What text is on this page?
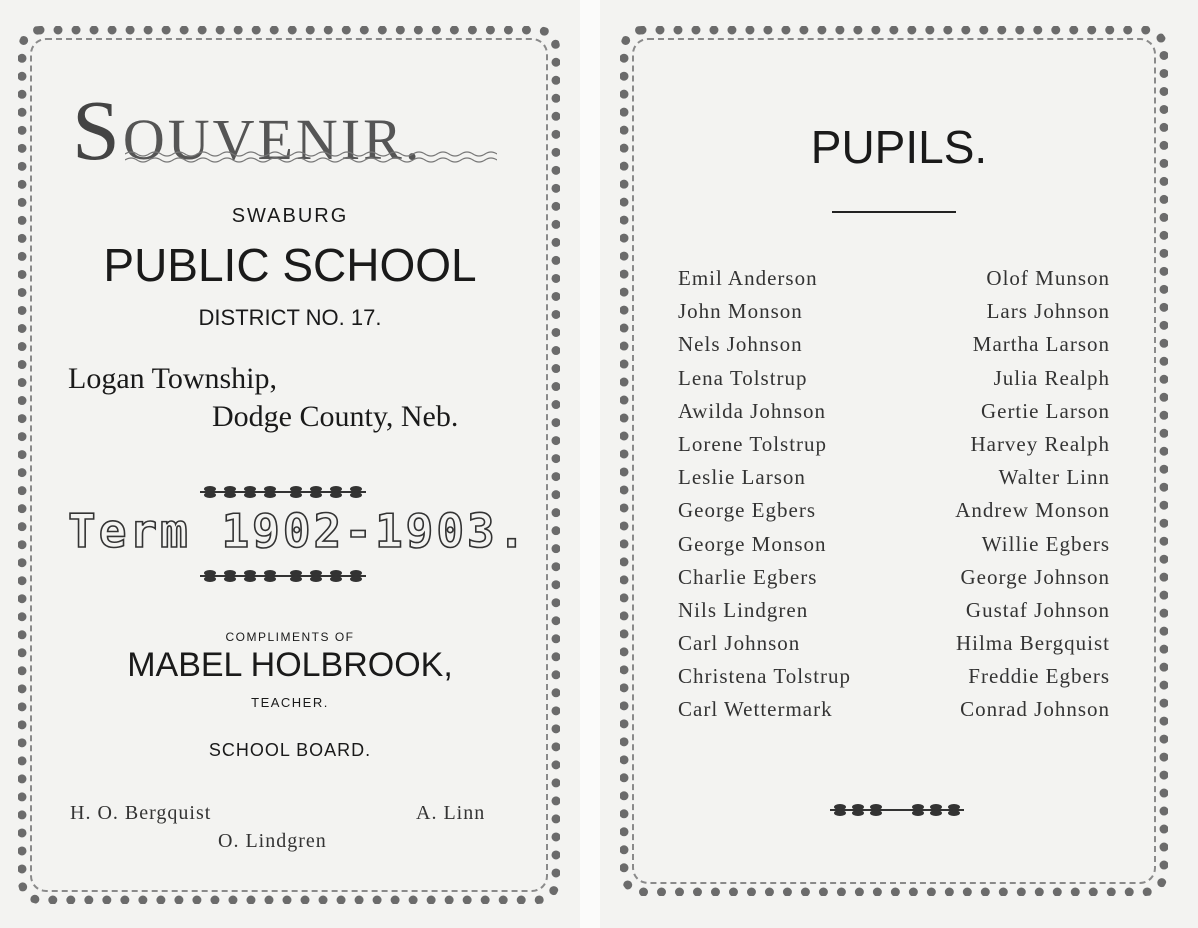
SOUVENIR.
SWABURG
PUBLIC SCHOOL
DISTRICT NO. 17.
Logan Township,
Dodge County, Neb.
Term 1902-1903.
COMPLIMENTS OF
MABEL HOLBROOK,
TEACHER.
SCHOOL BOARD.
H. O. Bergquist	A. Linn
O. Lindgren
PUPILS.
Emil Anderson
John Monson
Nels Johnson
Lena Tolstrup
Awilda Johnson
Lorene Tolstrup
Leslie Larson
George Egbers
George Monson
Charlie Egbers
Nils Lindgren
Carl Johnson
Christena Tolstrup
Carl Wettermark
Olof Munson
Lars Johnson
Martha Larson
Julia Realph
Gertie Larson
Harvey Realph
Walter Linn
Andrew Monson
Willie Egbers
George Johnson
Gustaf Johnson
Hilma Bergquist
Freddie Egbers
Conrad Johnson
